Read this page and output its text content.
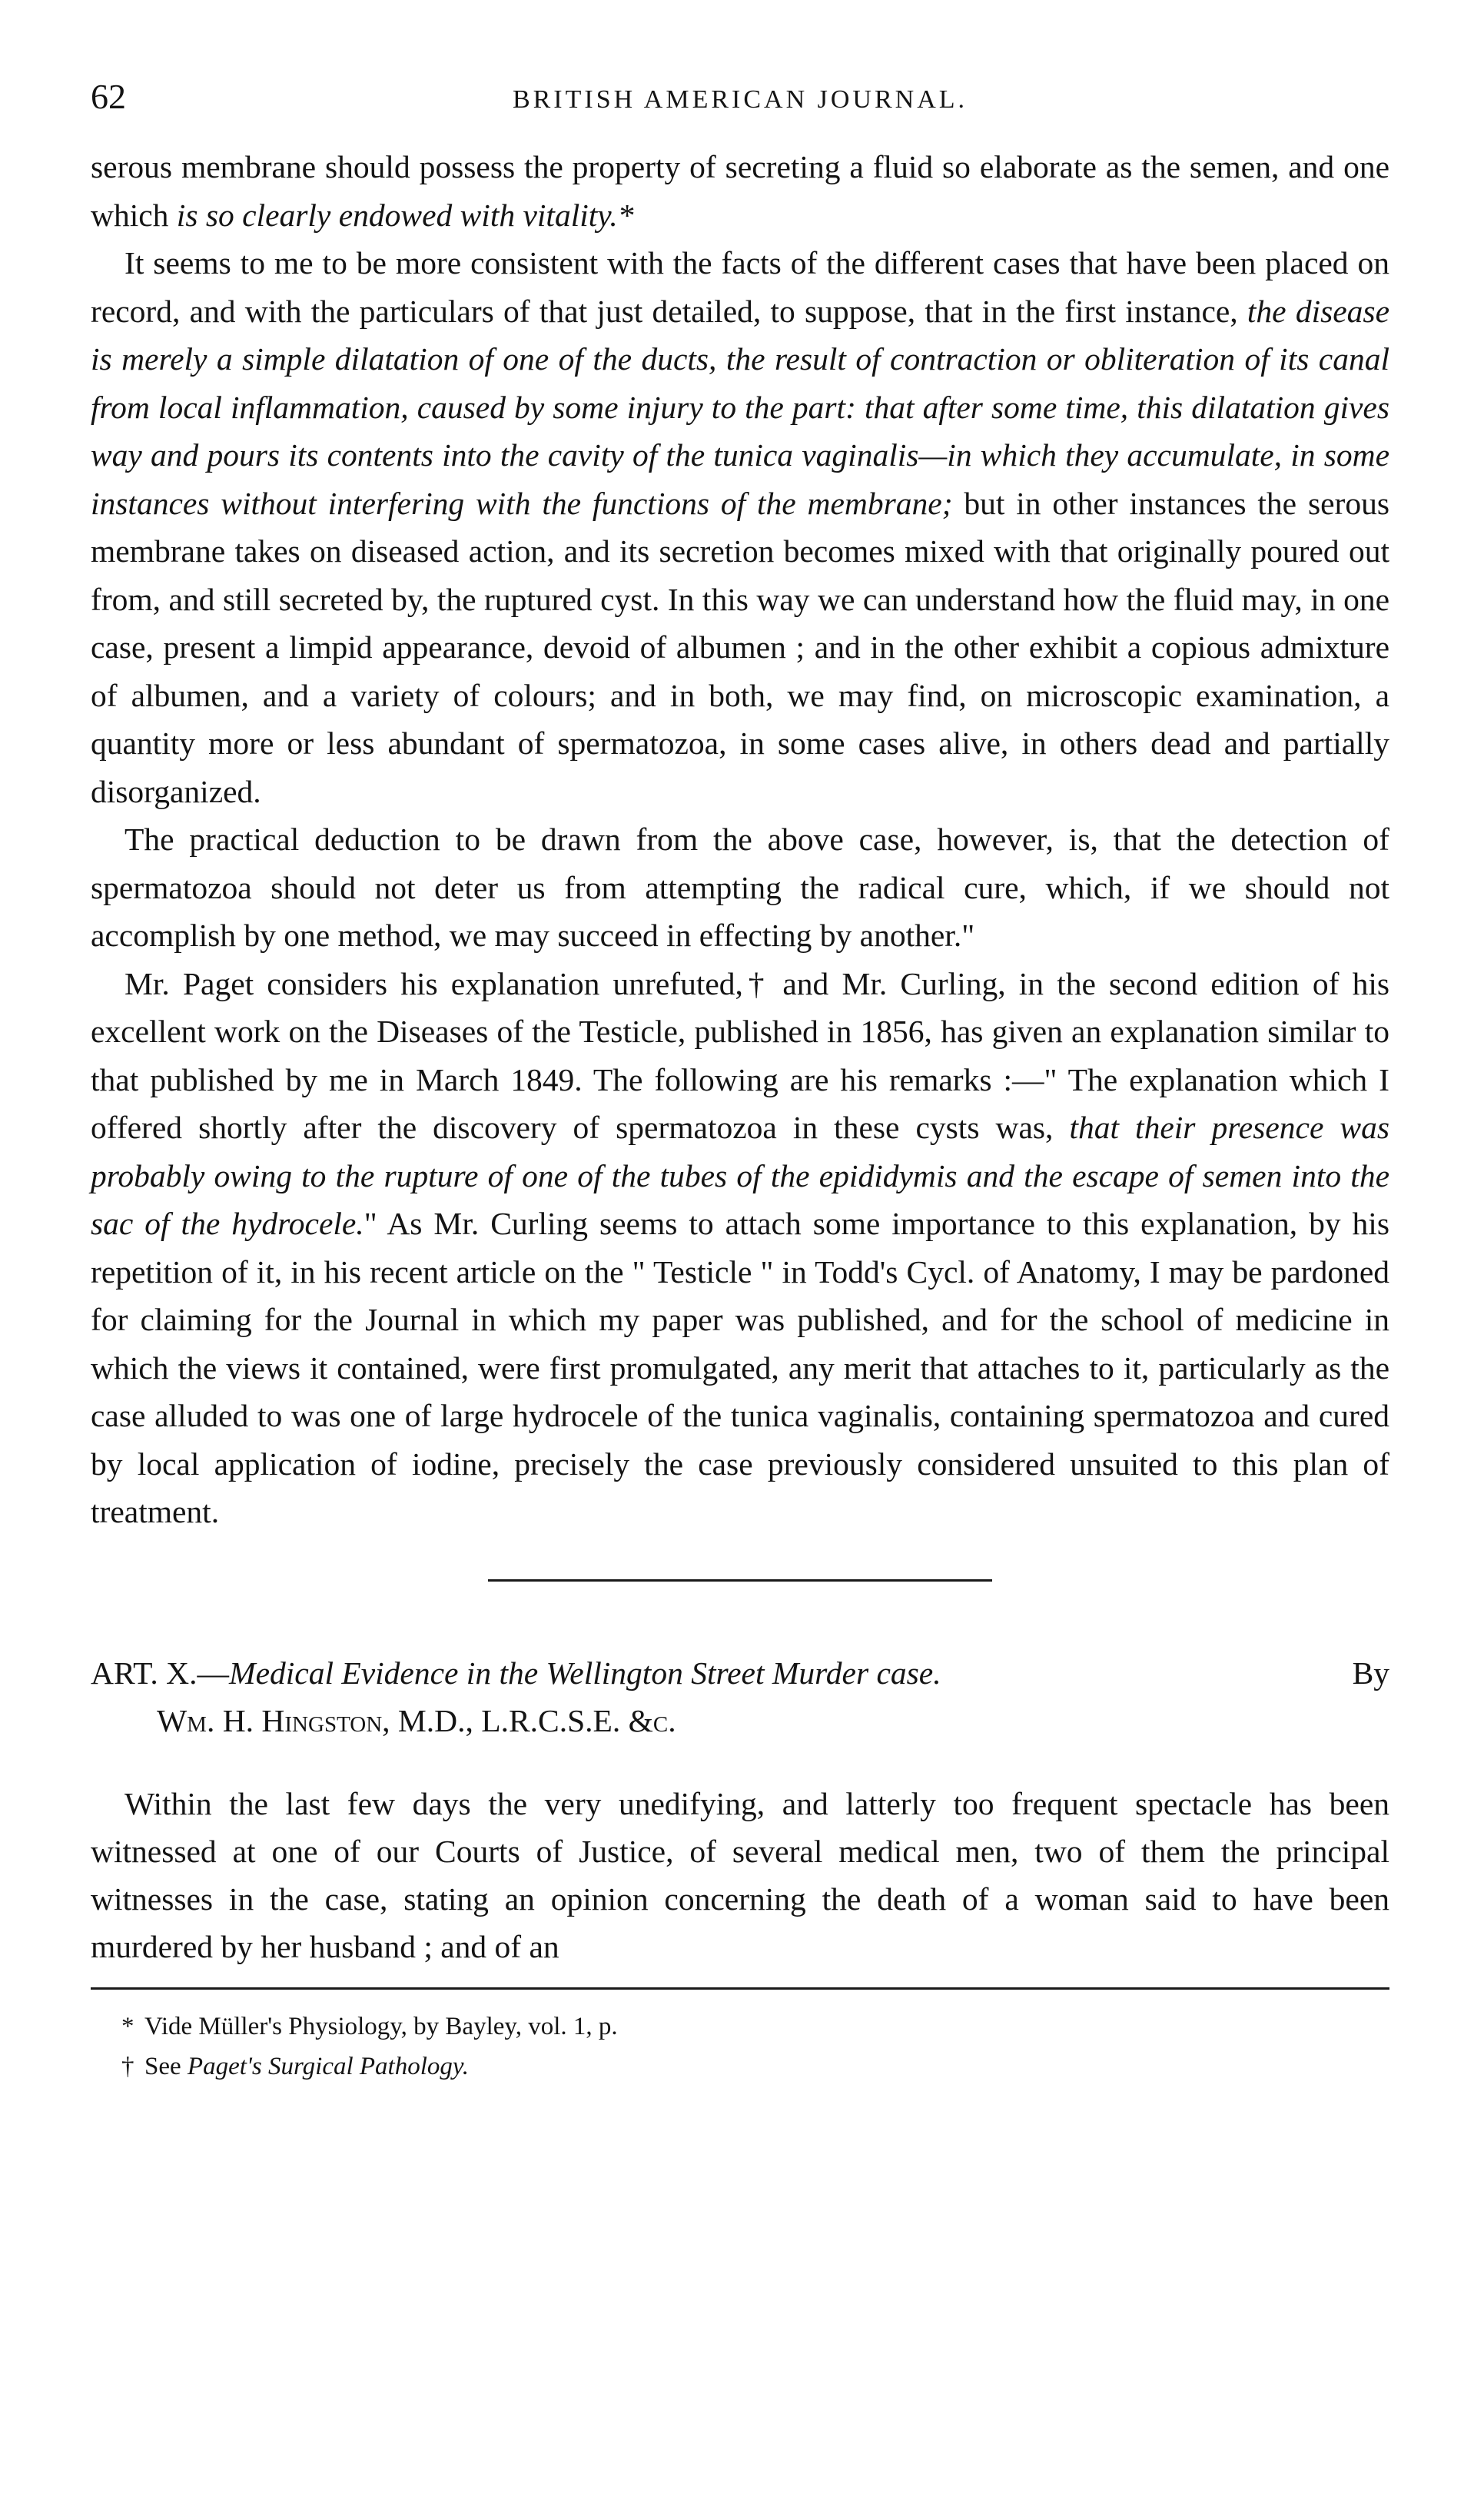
62	BRITISH AMERICAN JOURNAL.

serous membrane should possess the property of secreting a fluid so elaborate as the semen, and one which is so clearly endowed with vitality.*

It seems to me to be more consistent with the facts of the different cases that have been placed on record, and with the particulars of that just detailed, to suppose, that in the first instance, the disease is merely a simple dilatation of one of the ducts, the result of contraction or obliteration of its canal from local inflammation, caused by some injury to the part: that after some time, this dilatation gives way and pours its contents into the cavity of the tunica vaginalis—in which they accumulate, in some instances without interfering with the functions of the membrane; but in other instances the serous membrane takes on diseased action, and its secretion becomes mixed with that originally poured out from, and still secreted by, the ruptured cyst. In this way we can understand how the fluid may, in one case, present a limpid appearance, devoid of albumen ; and in the other exhibit a copious admixture of albumen, and a variety of colours; and in both, we may find, on microscopic examination, a quantity more or less abundant of spermatozoa, in some cases alive, in others dead and partially disorganized.

The practical deduction to be drawn from the above case, however, is, that the detection of spermatozoa should not deter us from attempting the radical cure, which, if we should not accomplish by one method, we may succeed in effecting by another."

Mr. Paget considers his explanation unrefuted,† and Mr. Curling, in the second edition of his excellent work on the Diseases of the Testicle, published in 1856, has given an explanation similar to that published by me in March 1849. The following are his remarks :—" The explanation which I offered shortly after the discovery of spermatozoa in these cysts was, that their presence was probably owing to the rupture of one of the tubes of the epididymis and the escape of semen into the sac of the hydrocele." As Mr. Curling seems to attach some importance to this explanation, by his repetition of it, in his recent article on the " Testicle " in Todd's Cycl. of Anatomy, I may be pardoned for claiming for the Journal in which my paper was published, and for the school of medicine in which the views it contained, were first promulgated, any merit that attaches to it, particularly as the case alluded to was one of large hydrocele of the tunica vaginalis, containing spermatozoa and cured by local application of iodine, precisely the case previously considered unsuited to this plan of treatment.

ART. X.—Medical Evidence in the Wellington Street Murder case.	By
Wm. H. Hingston, M.D., L.R.C.S.E. &c.

Within the last few days the very unedifying, and latterly too frequent spectacle has been witnessed at one of our Courts of Justice, of several medical men, two of them the principal witnesses in the case, stating an opinion concerning the death of a woman said to have been murdered by her husband ; and of an

* Vide Müller's Physiology, by Bayley, vol. 1, p.
† See Paget's Surgical Pathology.
